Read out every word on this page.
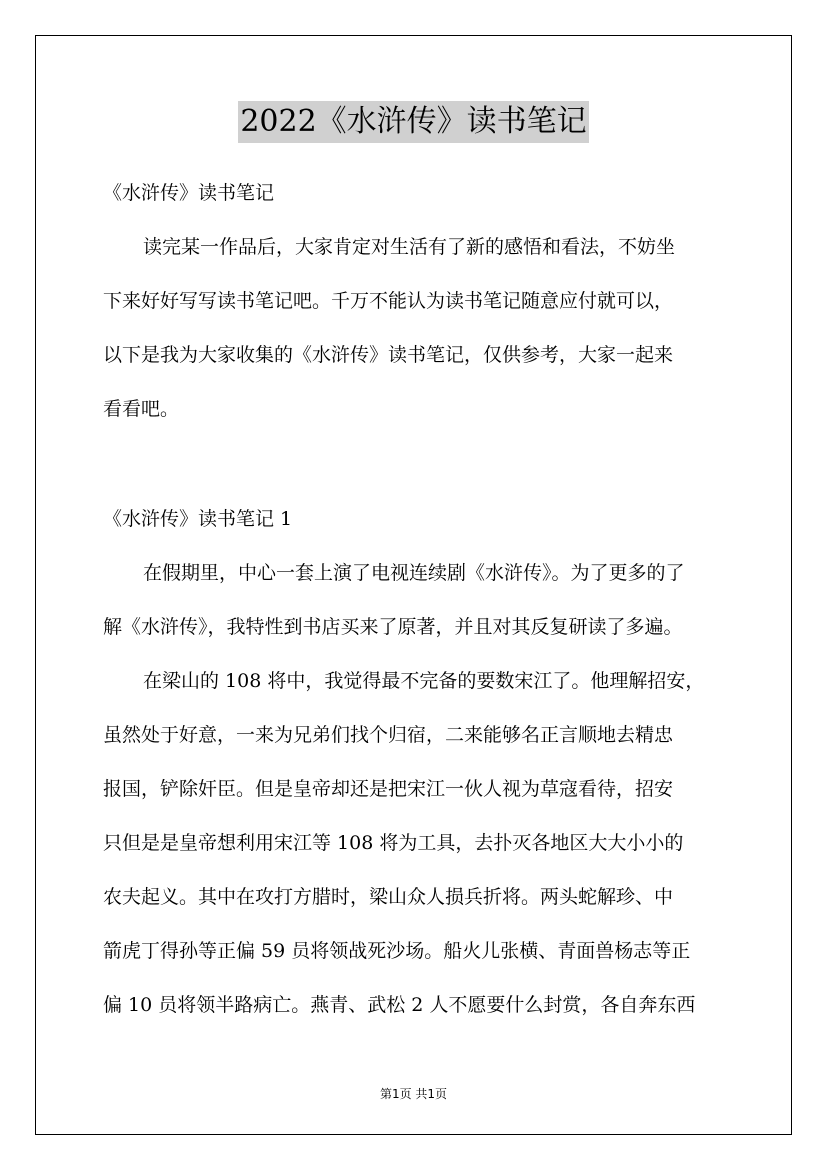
2022《水浒传》读书笔记
《水浒传》读书笔记
读完某一作品后，大家肯定对生活有了新的感悟和看法，不妨坐
下来好好写写读书笔记吧。千万不能认为读书笔记随意应付就可以，
以下是我为大家收集的《水浒传》读书笔记，仅供参考，大家一起来
看看吧。
《水浒传》读书笔记 1
在假期里，中心一套上演了电视连续剧《水浒传》。为了更多的了
解《水浒传》，我特性到书店买来了原著，并且对其反复研读了多遍。
在梁山的 108 将中，我觉得最不完备的要数宋江了。他理解招安，
虽然处于好意，一来为兄弟们找个归宿，二来能够名正言顺地去精忠
报国，铲除奸臣。但是皇帝却还是把宋江一伙人视为草寇看待，招安
只但是是皇帝想利用宋江等 108 将为工具，去扑灭各地区大大小小的
农夫起义。其中在攻打方腊时，梁山众人损兵折将。两头蛇解珍、中
箭虎丁得孙等正偏 59 员将领战死沙场。船火儿张横、青面兽杨志等正
偏 10 员将领半路病亡。燕青、武松 2 人不愿要什么封赏，各自奔东西
第1页 共1页
